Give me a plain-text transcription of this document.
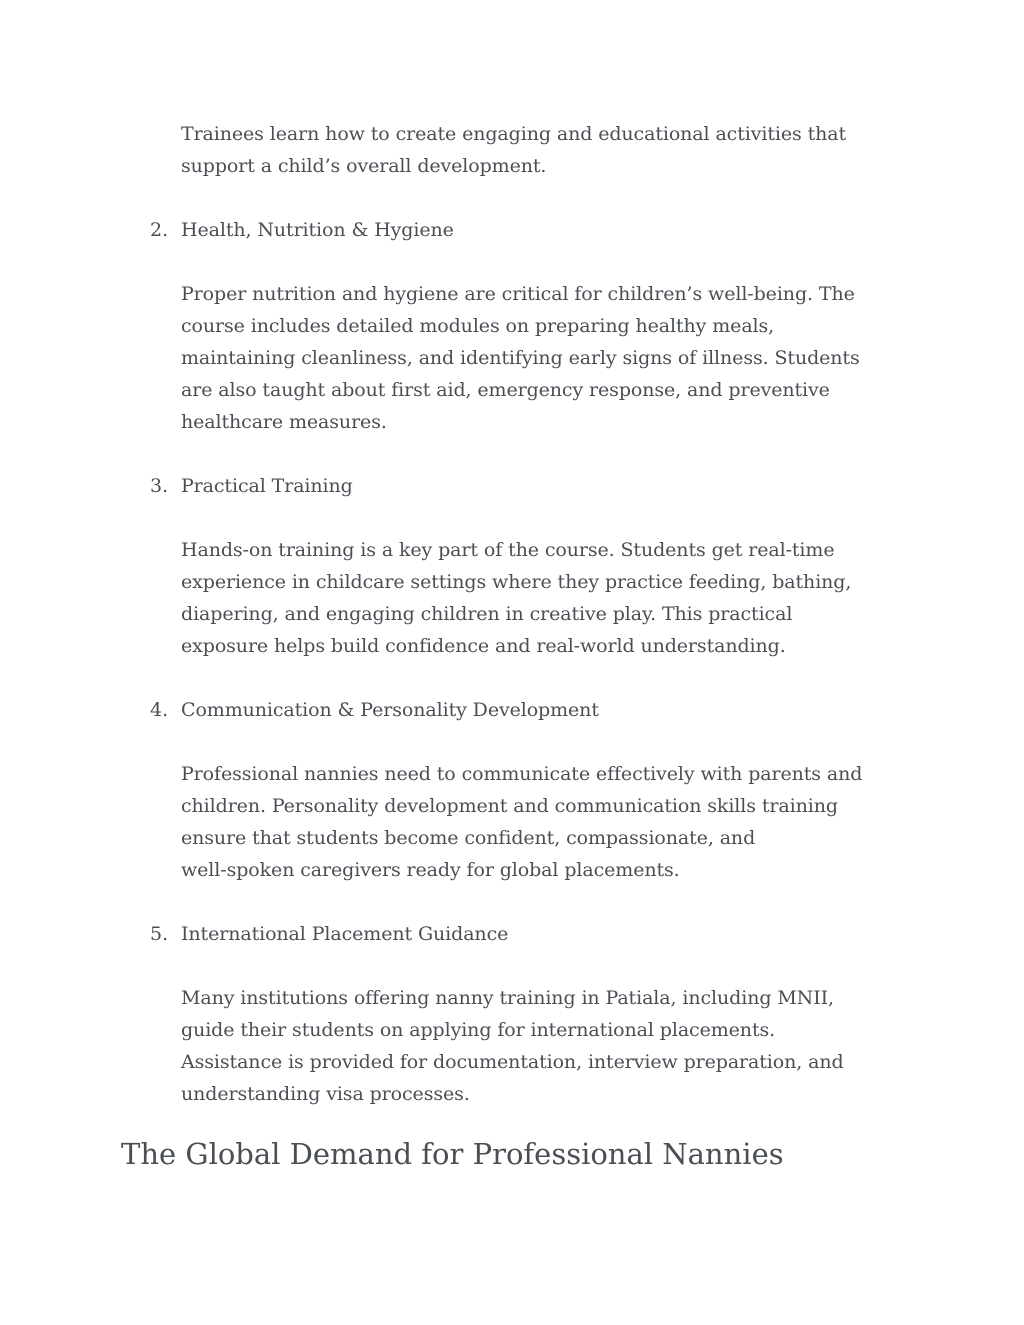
Trainees learn how to create engaging and educational activities that
support a child’s overall development.
2. Health, Nutrition & Hygiene
Proper nutrition and hygiene are critical for children’s well-being. The
course includes detailed modules on preparing healthy meals,
maintaining cleanliness, and identifying early signs of illness. Students
are also taught about first aid, emergency response, and preventive
healthcare measures.
3. Practical Training
Hands-on training is a key part of the course. Students get real-time
experience in childcare settings where they practice feeding, bathing,
diapering, and engaging children in creative play. This practical
exposure helps build confidence and real-world understanding.
4. Communication & Personality Development
Professional nannies need to communicate effectively with parents and
children. Personality development and communication skills training
ensure that students become confident, compassionate, and
well-spoken caregivers ready for global placements.
5. International Placement Guidance
Many institutions offering nanny training in Patiala, including MNII,
guide their students on applying for international placements.
Assistance is provided for documentation, interview preparation, and
understanding visa processes.
The Global Demand for Professional Nannies
